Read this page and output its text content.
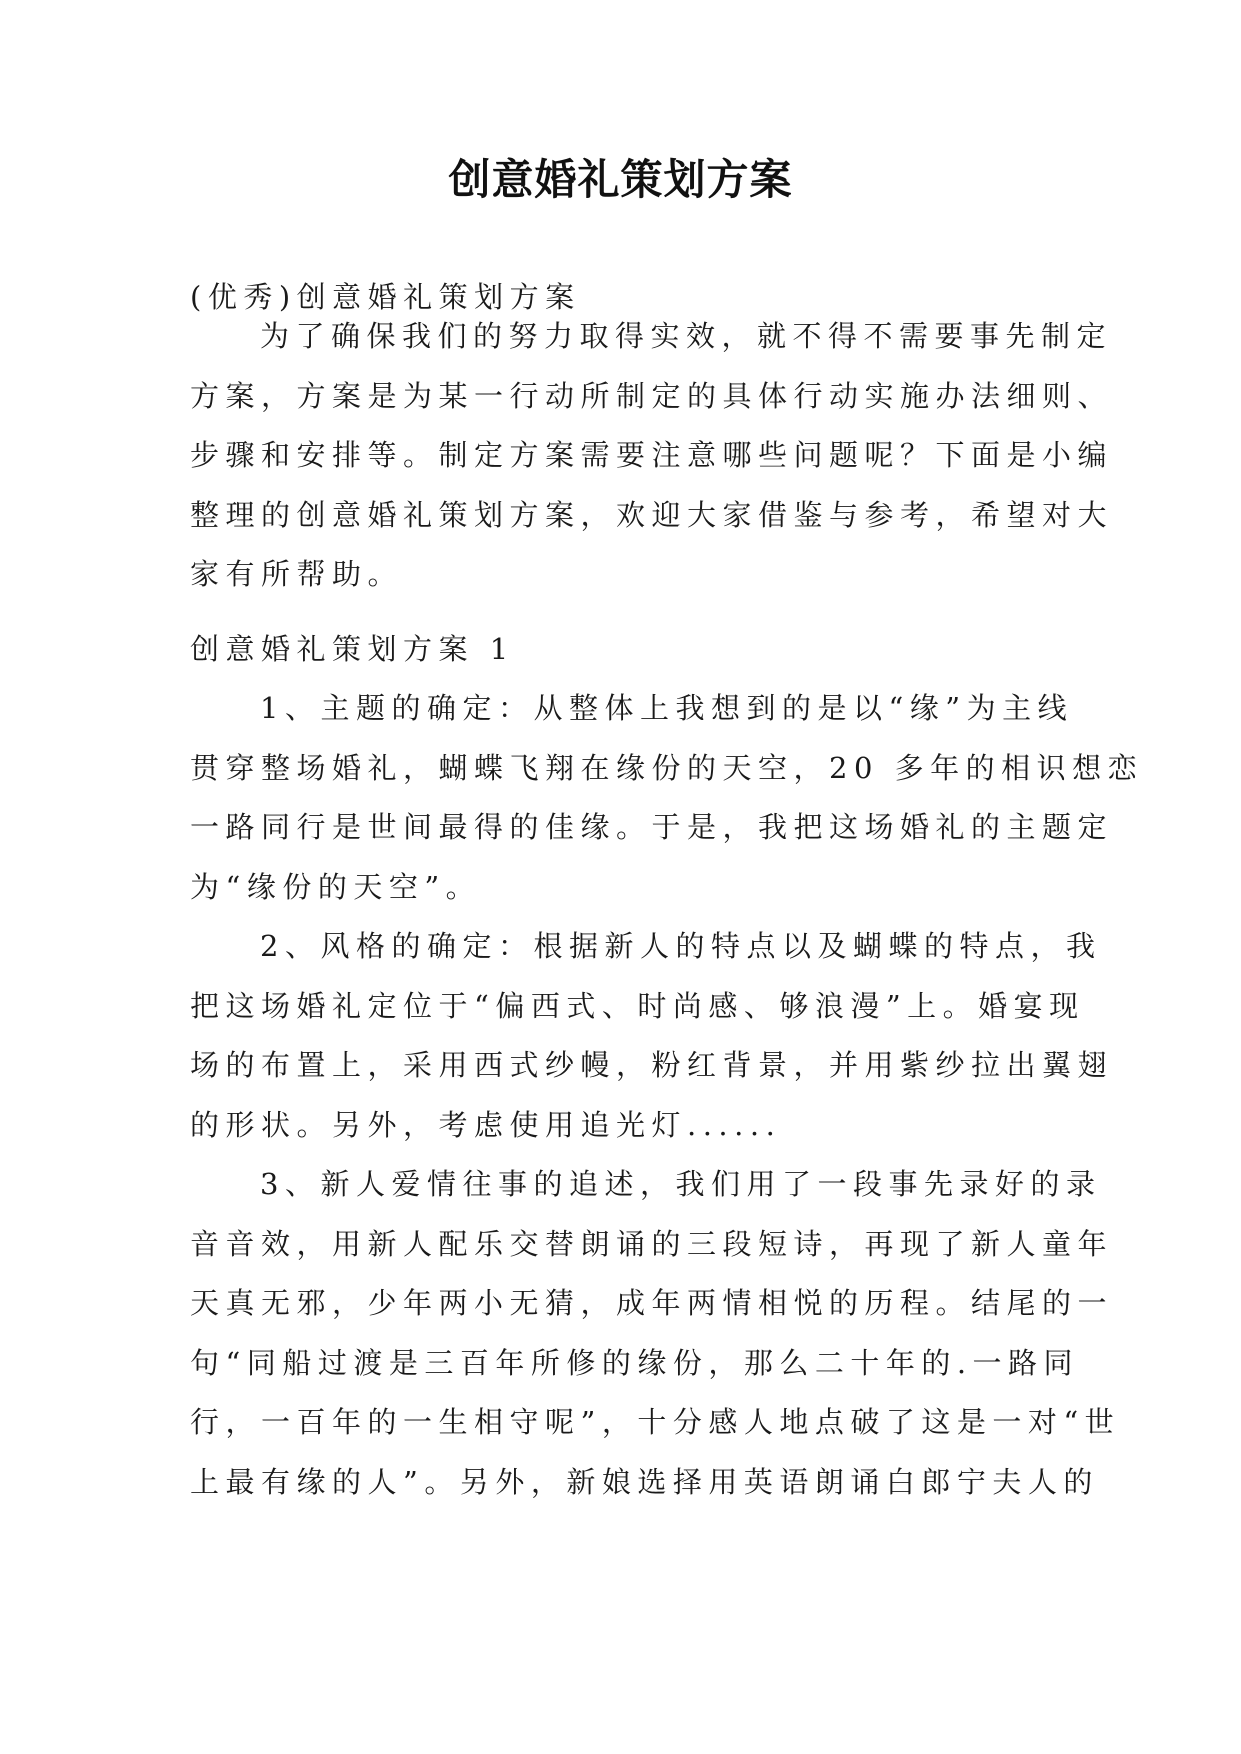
创意婚礼策划方案
(优秀)创意婚礼策划方案
为了确保我们的努力取得实效，就不得不需要事先制定
方案，方案是为某一行动所制定的具体行动实施办法细则、
步骤和安排等。制定方案需要注意哪些问题呢？下面是小编
整理的创意婚礼策划方案，欢迎大家借鉴与参考，希望对大
家有所帮助。
创意婚礼策划方案 1
1、主题的确定：从整体上我想到的是以“缘”为主线
贯穿整场婚礼，蝴蝶飞翔在缘份的天空，20 多年的相识想恋
一路同行是世间最得的佳缘。于是，我把这场婚礼的主题定
为“缘份的天空”。
2、风格的确定：根据新人的特点以及蝴蝶的特点，我
把这场婚礼定位于“偏西式、时尚感、够浪漫”上。婚宴现
场的布置上，采用西式纱幔，粉红背景，并用紫纱拉出翼翅
的形状。另外，考虑使用追光灯......
3、新人爱情往事的追述，我们用了一段事先录好的录
音音效，用新人配乐交替朗诵的三段短诗，再现了新人童年
天真无邪，少年两小无猜，成年两情相悦的历程。结尾的一
句“同船过渡是三百年所修的缘份，那么二十年的.一路同
行，一百年的一生相守呢”，十分感人地点破了这是一对“世
上最有缘的人”。另外，新娘选择用英语朗诵白郎宁夫人的
